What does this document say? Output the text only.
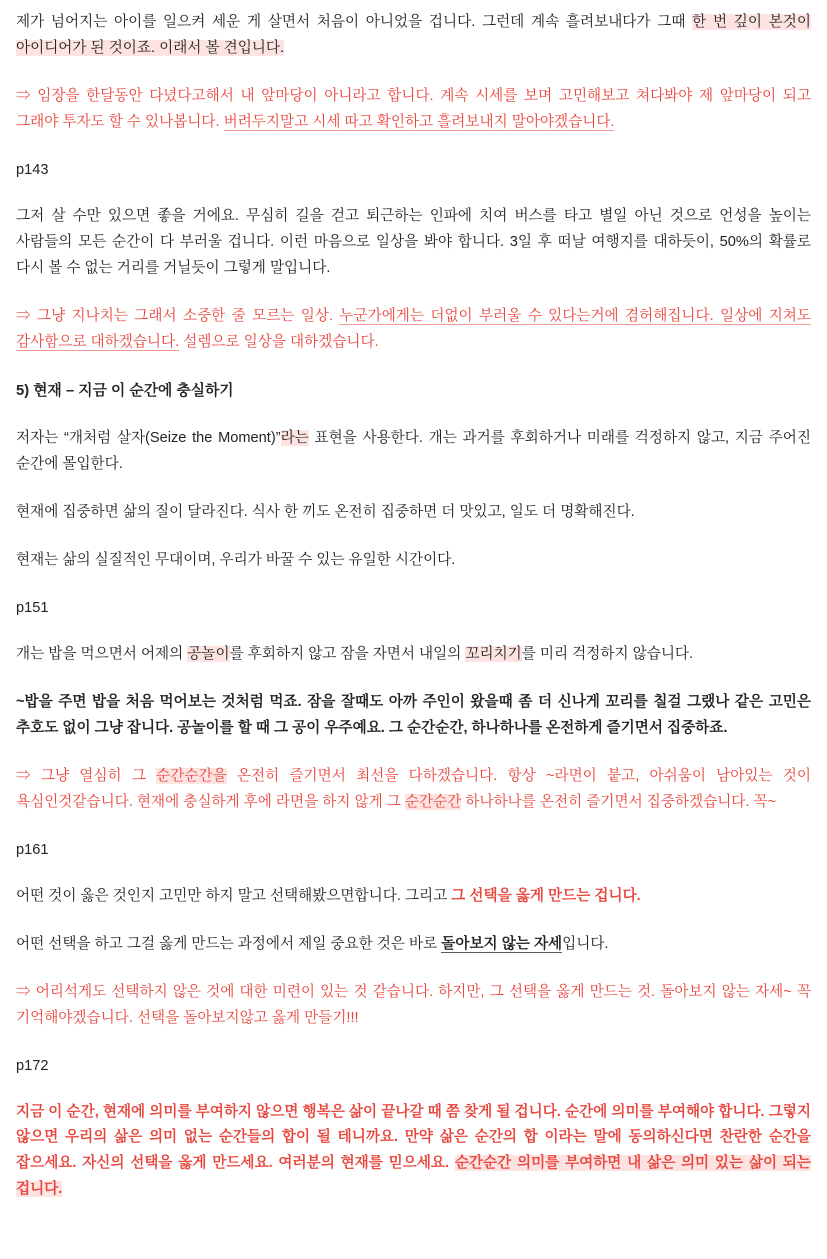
제가 넘어지는 아이를 일으켜 세운 게 살면서 처음이 아니었을 겁니다. 그런데 계속 흘려보내다가 그때 한 번 깊이 본것이 아이디어가 된 것이죠. 이래서 볼 견입니다.

⇒ 임장을 한달동안 다녔다고해서 내 앞마당이 아니라고 합니다. 계속 시세를 보며 고민해보고 쳐다봐야 제 앞마당이 되고 그래야 투자도 할 수 있나봅니다. 버려두지말고 시세 따고 확인하고 흘려보내지 말아야겠습니다.

p143

그저 살 수만 있으면 좋을 거에요. 무심히 길을 걷고 퇴근하는 인파에 치여 버스를 타고 별일 아닌 것으로 언성을 높이는 사람들의 모든 순간이 다 부러울 겁니다. 이런 마음으로 일상을 봐야 합니다. 3일 후 떠날 여행지를 대하듯이, 50%의 확률로 다시 볼 수 없는 거리를 거닐듯이 그렇게 말입니다.

⇒ 그냥 지나치는 그래서 소중한 줄 모르는 일상. 누군가에게는 더없이 부러울 수 있다는거에 겸허해집니다. 일상에 지쳐도 감사함으로 대하겠습니다. 설렘으로 일상을 대하겠습니다.

5) 현재 – 지금 이 순간에 충실하기

저자는 “개처럼 살자(Seize the Moment)”라는 표현을 사용한다. 개는 과거를 후회하거나 미래를 걱정하지 않고, 지금 주어진 순간에 몰입한다.

현재에 집중하면 삶의 질이 달라진다. 식사 한 끼도 온전히 집중하면 더 맛있고, 일도 더 명확해진다.

현재는 삶의 실질적인 무대이며, 우리가 바꿀 수 있는 유일한 시간이다.

p151

개는 밥을 먹으면서 어제의 공놀이를 후회하지 않고 잠을 자면서 내일의 꼬리치기를 미리 걱정하지 않습니다.

~밥을 주면 밥을 처음 먹어보는 것처럼 먹죠. 잠을 잘때도 아까 주인이 왔을때 좀 더 신나게 꼬리를 칠걸 그랬나 같은 고민은 추호도 없이 그냥 잡니다. 공놀이를 할 때 그 공이 우주예요. 그 순간순간, 하나하나를 온전하게 즐기면서 집중하죠.

⇒ 그냥 열심히 그 순간순간을 온전히 즐기면서 최선을 다하겠습니다. 항상 ~라면이 붙고, 아쉬움이 남아있는 것이 욕심인것같습니다. 현재에 충실하게 후에 라면을 하지 않게 그 순간순간 하나하나를 온전히 즐기면서 집중하겠습니다. 꼭~

p161

어떤 것이 옳은 것인지 고민만 하지 말고 선택해봤으면합니다. 그리고 그 선택을 옳게 만드는 겁니다.

어떤 선택을 하고 그걸 옳게 만드는 과정에서 제일 중요한 것은 바로 돌아보지 않는 자세입니다.

⇒ 어리석게도 선택하지 않은 것에 대한 미련이 있는 것 같습니다. 하지만, 그 선택을 옳게 만드는 것. 돌아보지 않는 자세~ 꼭 기억해야겠습니다. 선택을 돌아보지않고 옳게 만들기!!!

p172

지금 이 순간, 현재에 의미를 부여하지 않으면 행복은 삶이 끝나갈 때 쯤 찾게 될 겁니다. 순간에 의미를 부여해야 합니다. 그렇지 않으면 우리의 삶은 의미 없는 순간들의 합이 될 테니까요. 만약 삶은 순간의 합 이라는 말에 동의하신다면 찬란한 순간을 잡으세요. 자신의 선택을 옳게 만드세요. 여러분의 현재를 믿으세요. 순간순간 의미를 부여하면 내 삶은 의미 있는 삶이 되는 겁니다.
